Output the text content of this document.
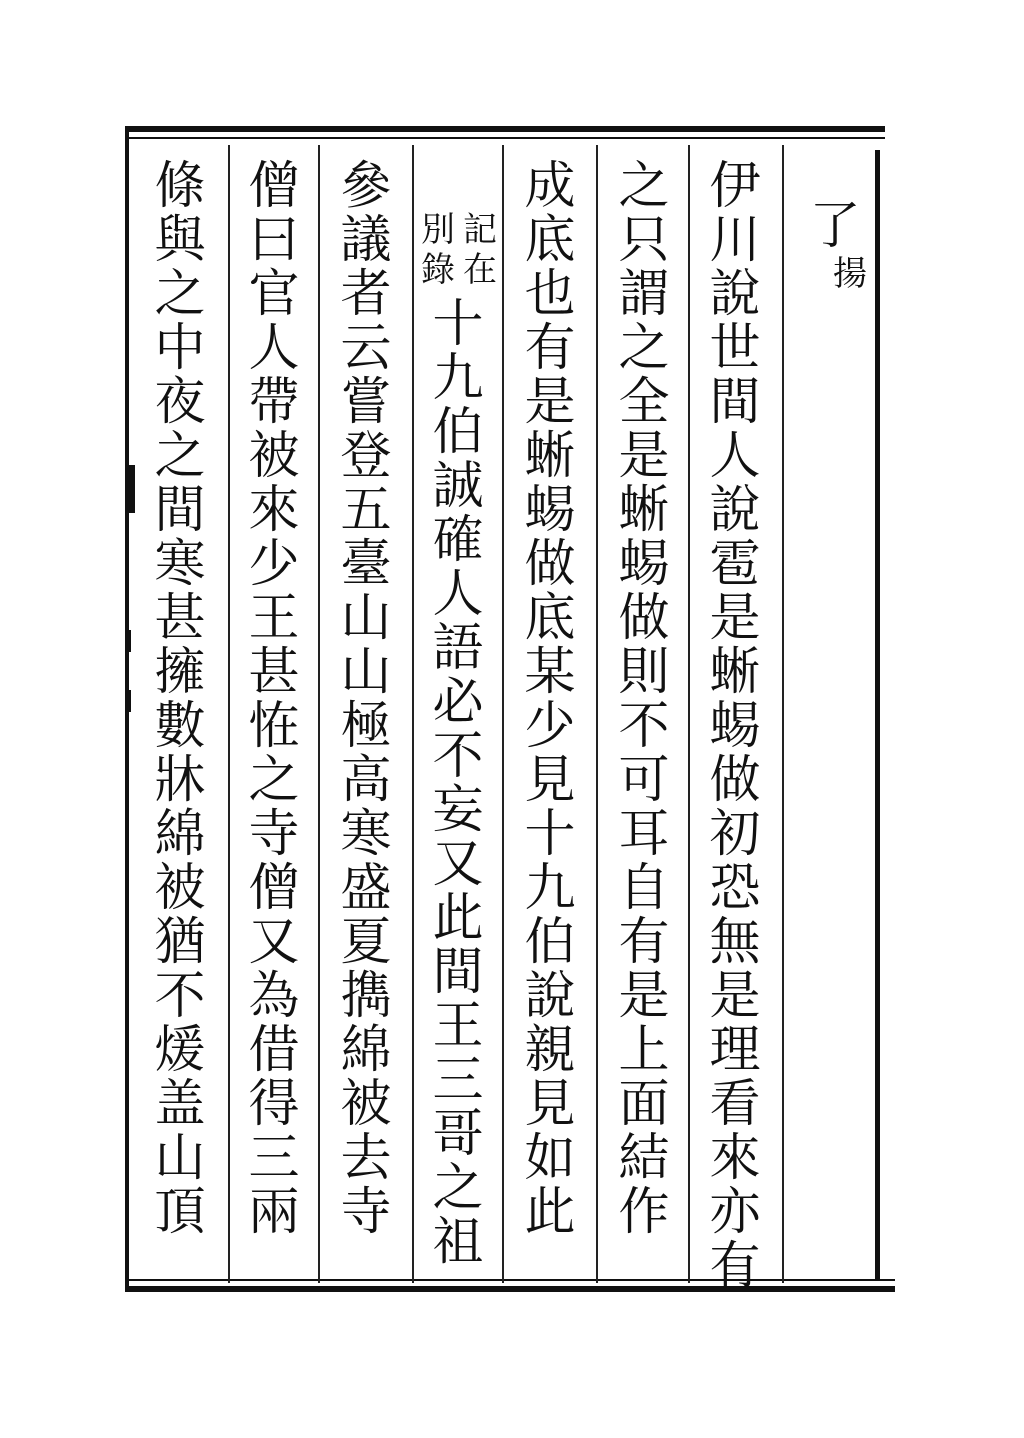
了
揚
伊
川
說
世
間
人
說
雹
是
蜥
蜴
做
初
恐
無
是
理
看
來
亦
有
之
只
謂
之
全
是
蜥
蜴
做
則
不
可
耳
自
有
是
上
面
結
作
成
底
也
有
是
蜥
蜴
做
底
某
少
見
十
九
伯
說
親
見
如
此
十
九
伯
誠
確
人
語
必
不
妄
又
此
間
王
三
哥
之
祖
參
議
者
云
嘗
登
五
臺
山
山
極
高
寒
盛
夏
擕
綿
被
去
寺
僧
曰
官
人
帶
被
來
少
王
甚
恠
之
寺
僧
又
為
借
得
三
兩
條
與
之
中
夜
之
間
寒
甚
擁
數
牀
綿
被
猶
不
煖
盖
山
頂
記
在
別
錄
